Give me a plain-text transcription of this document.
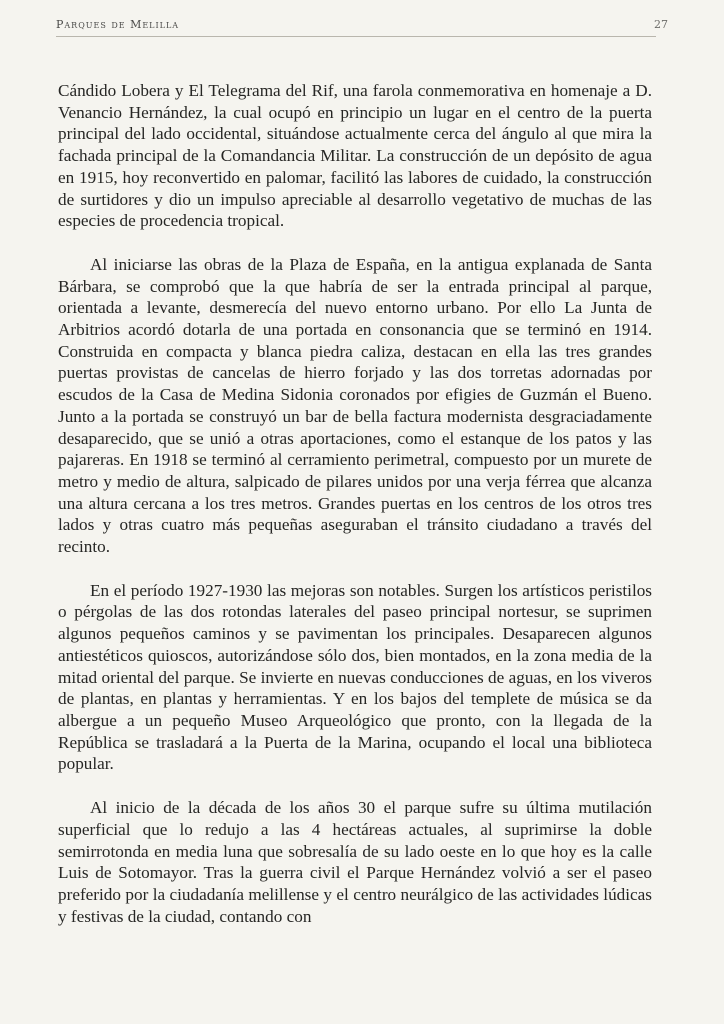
Parques de Melilla	27

Cándido Lobera y El Telegrama del Rif, una farola conmemorativa en homenaje a D. Venancio Hernández, la cual ocupó en principio un lugar en el centro de la puerta principal del lado occidental, situándose actualmente cerca del ángulo al que mira la fachada principal de la Comandancia Militar. La construcción de un depósito de agua en 1915, hoy reconvertido en palomar, facilitó las labores de cuidado, la construcción de surtidores y dio un impulso apreciable al desarrollo vegetativo de muchas de las especies de procedencia tropical.

Al iniciarse las obras de la Plaza de España, en la antigua explanada de Santa Bárbara, se comprobó que la que habría de ser la entrada principal al parque, orientada a levante, desmerecía del nuevo entorno urbano. Por ello La Junta de Arbitrios acordó dotarla de una portada en consonancia que se terminó en 1914. Construida en compacta y blanca piedra caliza, destacan en ella las tres grandes puertas provistas de cancelas de hierro forjado y las dos torretas adornadas por escudos de la Casa de Medina Sidonia coronados por efigies de Guzmán el Bueno. Junto a la portada se construyó un bar de bella factura modernista desgraciadamente desaparecido, que se unió a otras aportaciones, como el estanque de los patos y las pajareras. En 1918 se terminó al cerramiento perimetral, compuesto por un murete de metro y medio de altura, salpicado de pilares unidos por una verja férrea que alcanza una altura cercana a los tres metros. Grandes puertas en los centros de los otros tres lados y otras cuatro más pequeñas aseguraban el tránsito ciudadano a través del recinto.

En el período 1927-1930 las mejoras son notables. Surgen los artísticos peristilos o pérgolas de las dos rotondas laterales del paseo principal nortesur, se suprimen algunos pequeños caminos y se pavimentan los principales. Desaparecen algunos antiestéticos quioscos, autorizándose sólo dos, bien montados, en la zona media de la mitad oriental del parque. Se invierte en nuevas conducciones de aguas, en los viveros de plantas, en plantas y herramientas. Y en los bajos del templete de música se da albergue a un pequeño Museo Arqueológico que pronto, con la llegada de la República se trasladará a la Puerta de la Marina, ocupando el local una biblioteca popular.

Al inicio de la década de los años 30 el parque sufre su última mutilación superficial que lo redujo a las 4 hectáreas actuales, al suprimirse la doble semirrotonda en media luna que sobresalía de su lado oeste en lo que hoy es la calle Luis de Sotomayor. Tras la guerra civil el Parque Hernández volvió a ser el paseo preferido por la ciudadanía melillense y el centro neurálgico de las actividades lúdicas y festivas de la ciudad, contando con
